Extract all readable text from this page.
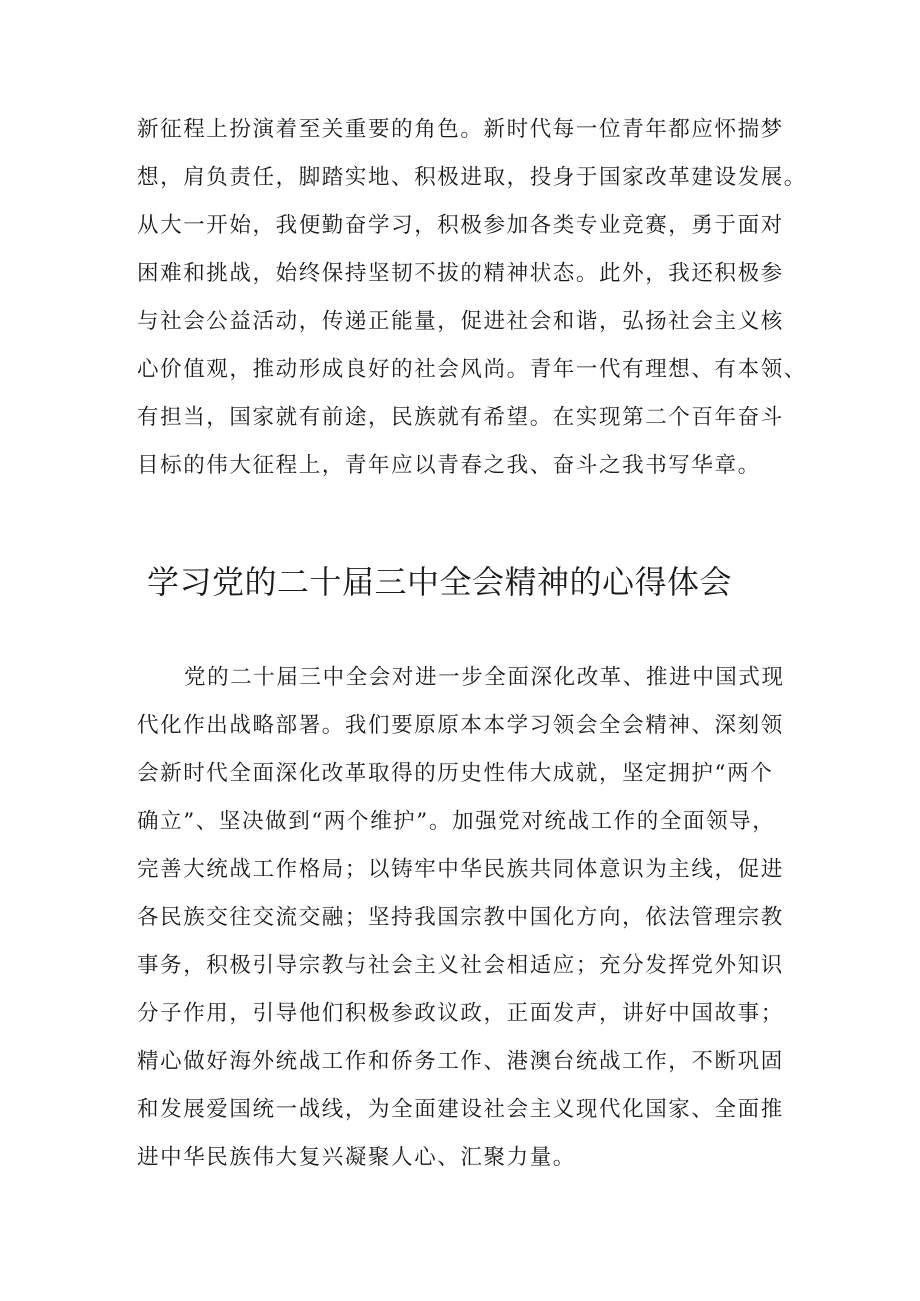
新征程上扮演着至关重要的角色。新时代每一位青年都应怀揣梦
想，肩负责任，脚踏实地、积极进取，投身于国家改革建设发展。
从大一开始，我便勤奋学习，积极参加各类专业竞赛，勇于面对
困难和挑战，始终保持坚韧不拔的精神状态。此外，我还积极参
与社会公益活动，传递正能量，促进社会和谐，弘扬社会主义核
心价值观，推动形成良好的社会风尚。青年一代有理想、有本领、
有担当，国家就有前途，民族就有希望。在实现第二个百年奋斗
目标的伟大征程上，青年应以青春之我、奋斗之我书写华章。
学习党的二十届三中全会精神的心得体会
党的二十届三中全会对进一步全面深化改革、推进中国式现
代化作出战略部署。我们要原原本本学习领会全会精神、深刻领
会新时代全面深化改革取得的历史性伟大成就，坚定拥护“两个
确立”、坚决做到“两个维护”。加强党对统战工作的全面领导，
完善大统战工作格局；以铸牢中华民族共同体意识为主线，促进
各民族交往交流交融；坚持我国宗教中国化方向，依法管理宗教
事务，积极引导宗教与社会主义社会相适应；充分发挥党外知识
分子作用，引导他们积极参政议政，正面发声，讲好中国故事；
精心做好海外统战工作和侨务工作、港澳台统战工作，不断巩固
和发展爱国统一战线，为全面建设社会主义现代化国家、全面推
进中华民族伟大复兴凝聚人心、汇聚力量。
